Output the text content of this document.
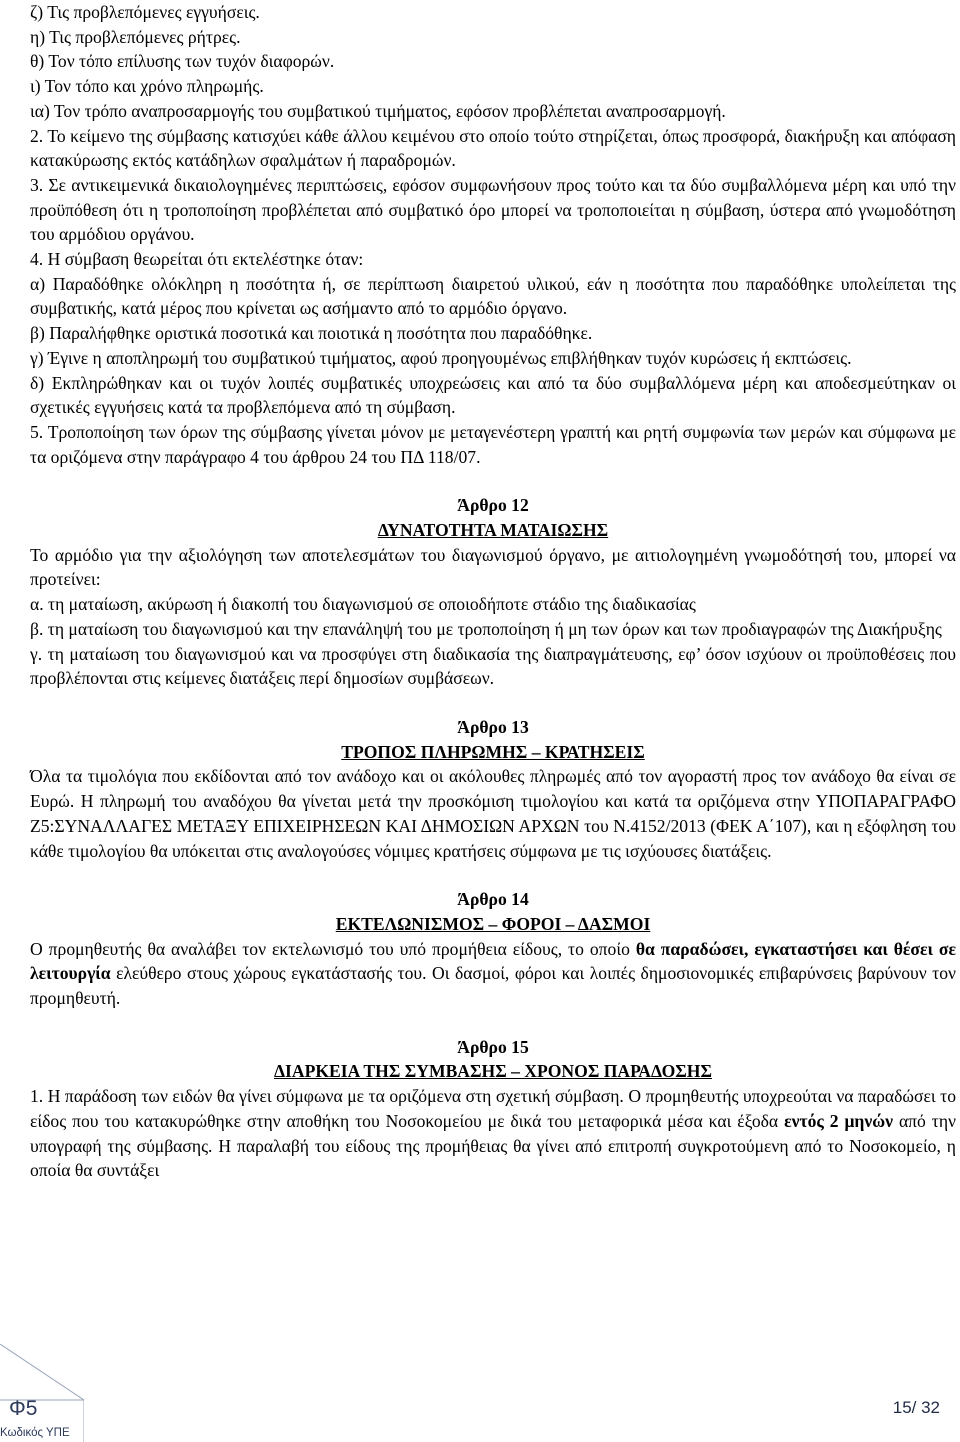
ζ) Τις προβλεπόμενες εγγυήσεις.

η) Τις προβλεπόμενες ρήτρες.

θ) Τον τόπο επίλυσης των τυχόν διαφορών.

ι) Τον τόπο και χρόνο πληρωμής.

ια) Τον τρόπο αναπροσαρμογής του συμβατικού τιμήματος, εφόσον προβλέπεται αναπροσαρμογή.

2. Το κείμενο της σύμβασης κατισχύει κάθε άλλου κειμένου στο οποίο τούτο στηρίζεται, όπως προσφορά, διακήρυξη και απόφαση κατακύρωσης εκτός κατάδηλων σφαλμάτων ή παραδρομών.

3. Σε αντικειμενικά δικαιολογημένες περιπτώσεις, εφόσον συμφωνήσουν προς τούτο και τα δύο συμβαλλόμενα μέρη και υπό την προϋπόθεση ότι η τροποποίηση προβλέπεται από συμβατικό όρο μπορεί να τροποποιείται η σύμβαση, ύστερα από γνωμοδότηση του αρμόδιου οργάνου.

4. Η σύμβαση θεωρείται ότι εκτελέστηκε όταν:

α) Παραδόθηκε ολόκληρη η ποσότητα ή, σε περίπτωση διαιρετού υλικού, εάν η ποσότητα που παραδόθηκε υπολείπεται της συμβατικής, κατά μέρος που κρίνεται ως ασήμαντο από το αρμόδιο όργανο.

β) Παραλήφθηκε οριστικά ποσοτικά και ποιοτικά η ποσότητα που παραδόθηκε.

γ) Έγινε η αποπληρωμή του συμβατικού τιμήματος, αφού προηγουμένως επιβλήθηκαν τυχόν κυρώσεις ή εκπτώσεις.

δ) Εκπληρώθηκαν και οι τυχόν λοιπές συμβατικές υποχρεώσεις και από τα δύο συμβαλλόμενα μέρη και αποδεσμεύτηκαν οι σχετικές εγγυήσεις κατά τα προβλεπόμενα από τη σύμβαση.

5. Τροποποίηση των όρων της σύμβασης γίνεται μόνον με μεταγενέστερη γραπτή και ρητή συμφωνία των μερών και σύμφωνα με τα οριζόμενα στην παράγραφο 4 του άρθρου 24 του ΠΔ 118/07.

Άρθρο 12

ΔΥΝΑΤΟΤΗΤΑ ΜΑΤΑΙΩΣΗΣ

Το αρμόδιο για την αξιολόγηση των αποτελεσμάτων του διαγωνισμού όργανο, με αιτιολογημένη γνωμοδότησή του, μπορεί να προτείνει:

α. τη ματαίωση, ακύρωση ή διακοπή του διαγωνισμού σε οποιοδήποτε στάδιο της διαδικασίας

β. τη ματαίωση του διαγωνισμού και την επανάληψή του με τροποποίηση ή μη των όρων και των προδιαγραφών της Διακήρυξης

γ. τη ματαίωση του διαγωνισμού και να προσφύγει στη διαδικασία της διαπραγμάτευσης, εφ’ όσον ισχύουν οι προϋποθέσεις που προβλέπονται στις κείμενες διατάξεις περί δημοσίων συμβάσεων.

Άρθρο 13

ΤΡΟΠΟΣ ΠΛΗΡΩΜΗΣ – ΚΡΑΤΗΣΕΙΣ

Όλα τα τιμολόγια που εκδίδονται από τον ανάδοχο και οι ακόλουθες πληρωμές από τον αγοραστή προς τον ανάδοχο θα είναι σε Ευρώ. Η πληρωμή του αναδόχου θα γίνεται μετά την προσκόμιση τιμολογίου και κατά τα οριζόμενα στην ΥΠΟΠΑΡΑΓΡΑΦΟ Ζ5:ΣΥΝΑΛΛΑΓΕΣ ΜΕΤΑΞΥ ΕΠΙΧΕΙΡΗΣΕΩΝ ΚΑΙ ΔΗΜΟΣΙΩΝ ΑΡΧΩΝ του Ν.4152/2013 (ΦΕΚ Α΄107), και η εξόφληση του κάθε τιμολογίου θα υπόκειται στις αναλογούσες νόμιμες κρατήσεις σύμφωνα με τις ισχύουσες διατάξεις.

Άρθρο 14

ΕΚΤΕΛΩΝΙΣΜΟΣ – ΦΟΡΟΙ – ΔΑΣΜΟΙ

Ο προμηθευτής θα αναλάβει τον εκτελωνισμό του υπό προμήθεια είδους, το οποίο θα παραδώσει, εγκαταστήσει και θέσει σε λειτουργία ελεύθερο στους χώρους εγκατάστασής του. Οι δασμοί, φόροι και λοιπές δημοσιονομικές επιβαρύνσεις βαρύνουν τον προμηθευτή.

Άρθρο 15

ΔΙΑΡΚΕΙΑ ΤΗΣ ΣΥΜΒΑΣΗΣ – ΧΡΟΝΟΣ ΠΑΡΑΔΟΣΗΣ

1. Η παράδοση των ειδών θα γίνει σύμφωνα με τα οριζόμενα στη σχετική σύμβαση. Ο προμηθευτής υποχρεούται να παραδώσει το είδος που του κατακυρώθηκε στην αποθήκη του Νοσοκομείου με δικά του μεταφορικά μέσα και έξοδα εντός 2 μηνών από την υπογραφή της σύμβασης. Η παραλαβή του είδους της προμήθειας θα γίνει από επιτροπή συγκροτούμενη από το Νοσοκομείο, η οποία θα συντάξει

Φ5
Κωδικός ΥΠΕ
15/ 32
